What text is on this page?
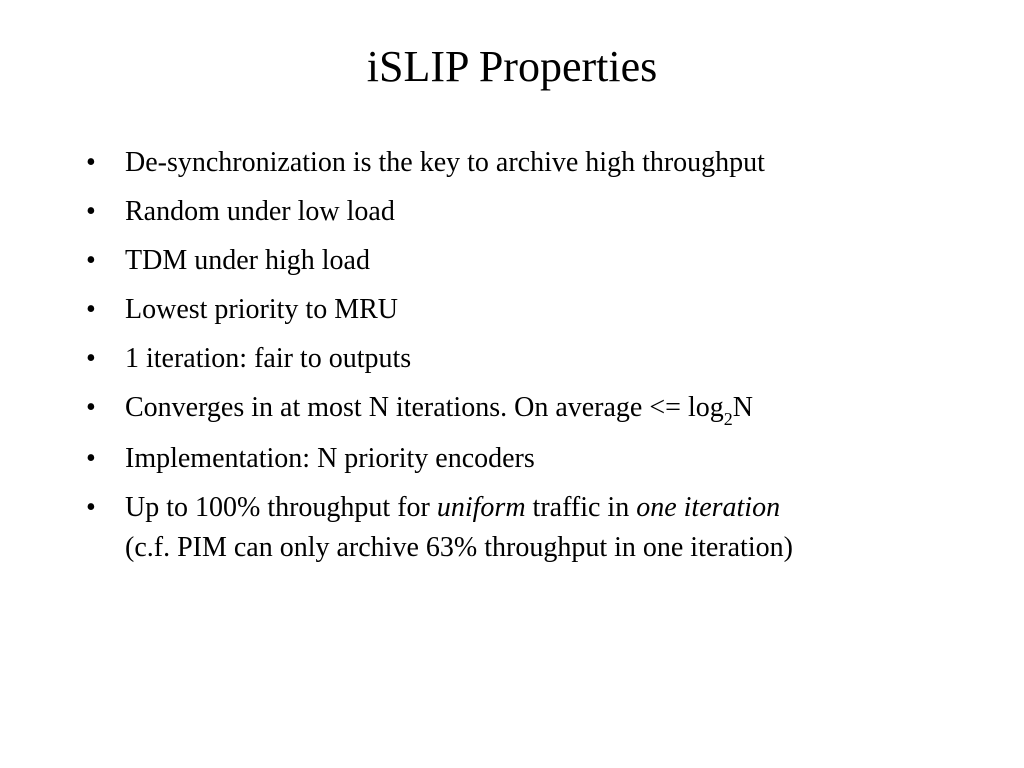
iSLIP Properties
•	De-synchronization is the key to archive high throughput
•	Random under low load
•	TDM under high load
•	Lowest priority to MRU
•	1 iteration: fair to outputs
•	Converges in at most N iterations. On average <= $\log_2N$
•	Implementation: N priority encoders
•	Up to 100% throughput for uniform traffic in one iteration
(c.f. PIM can only archive 63% throughput in one iteration)
